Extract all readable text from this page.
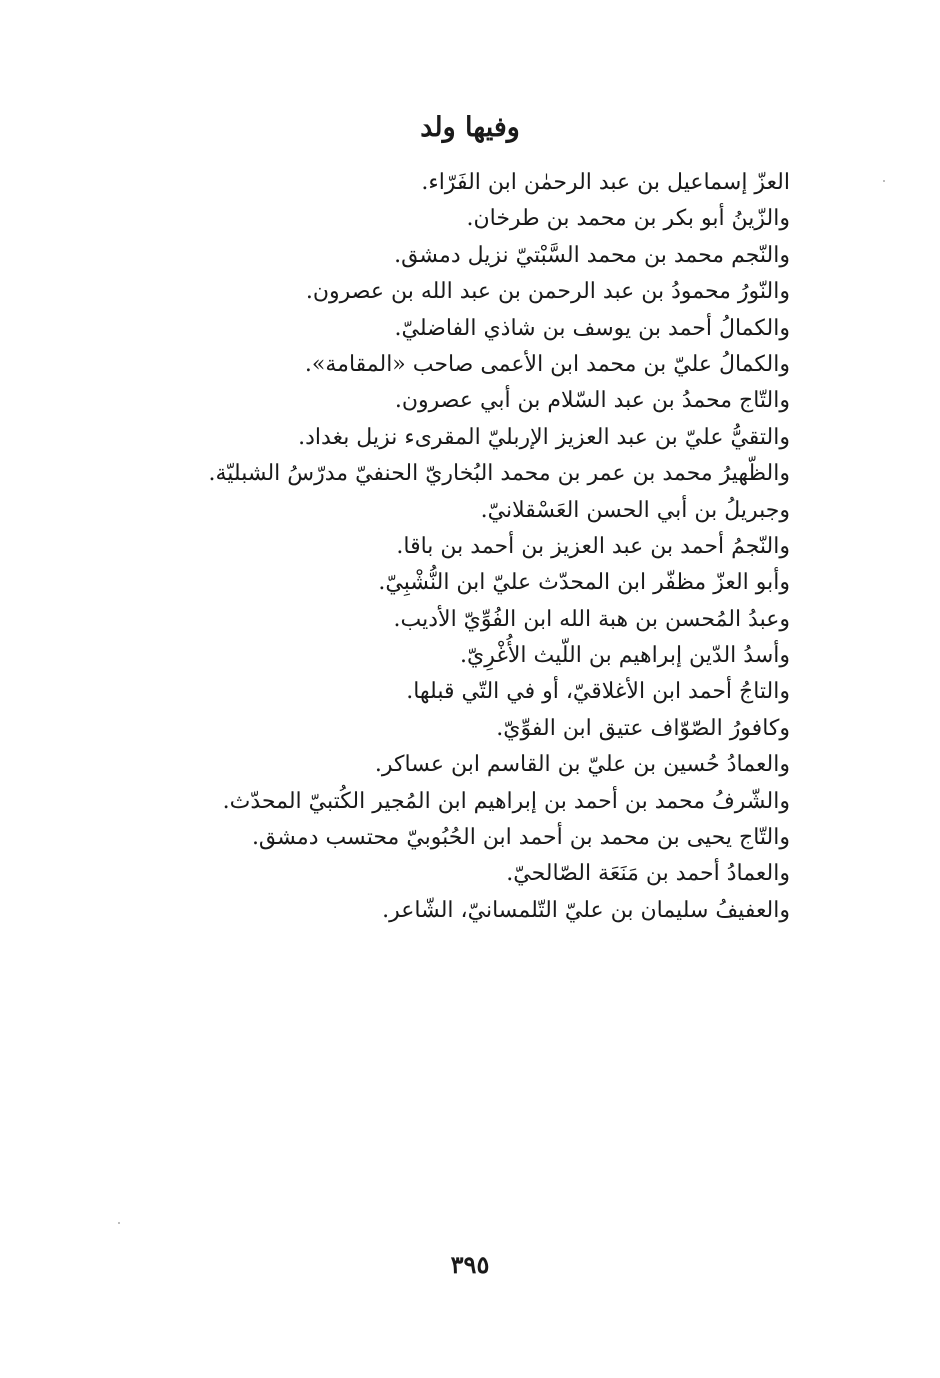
وفيها ولد
العزّ إسماعيل بن عبد الرحمٰن ابن الفَرّاء.
والزّينُ أبو بكر بن محمد بن طرخان.
والنّجم محمد بن محمد السَّبْتيّ نزيل دمشق.
والنّورُ محمودُ بن عبد الرحمن بن عبد الله بن عصرون.
والكمالُ أحمد بن يوسف بن شاذي الفاضليّ.
والكمالُ عليّ بن محمد ابن الأعمى صاحب «المقامة».
والتّاج محمدُ بن عبد السّلام بن أبي عصرون.
والتقيُّ عليّ بن عبد العزيز الإربليّ المقرىء نزيل بغداد.
والظّهيرُ محمد بن عمر بن محمد البُخاريّ الحنفيّ مدرّسُ الشبليّة.
وجبريلُ بن أبي الحسن العَسْقلانيّ.
والنّجمُ أحمد بن عبد العزيز بن أحمد بن باقا.
وأبو العزّ مظفّر ابن المحدّث عليّ ابن النُّشْبِيّ.
وعبدُ المُحسن بن هبة الله ابن الفُوِّيّ الأديب.
وأسدُ الدّين إبراهيم بن اللّيث الأُغْرِيّ.
والتاجُ أحمد ابن الأغلاقيّ، أو في التّي قبلها.
وكافورُ الصّوّاف عتيق ابن الفوِّيّ.
والعمادُ حُسين بن عليّ بن القاسم ابن عساكر.
والشّرفُ محمد بن أحمد بن إبراهيم ابن المُجير الكُتبيّ المحدّث.
والتّاج يحيى بن محمد بن أحمد ابن الحُبُوبيّ محتسب دمشق.
والعمادُ أحمد بن مَنَعَة الصّالحيّ.
والعفيفُ سليمان بن عليّ التّلمسانيّ، الشّاعر.
٣٩٥
